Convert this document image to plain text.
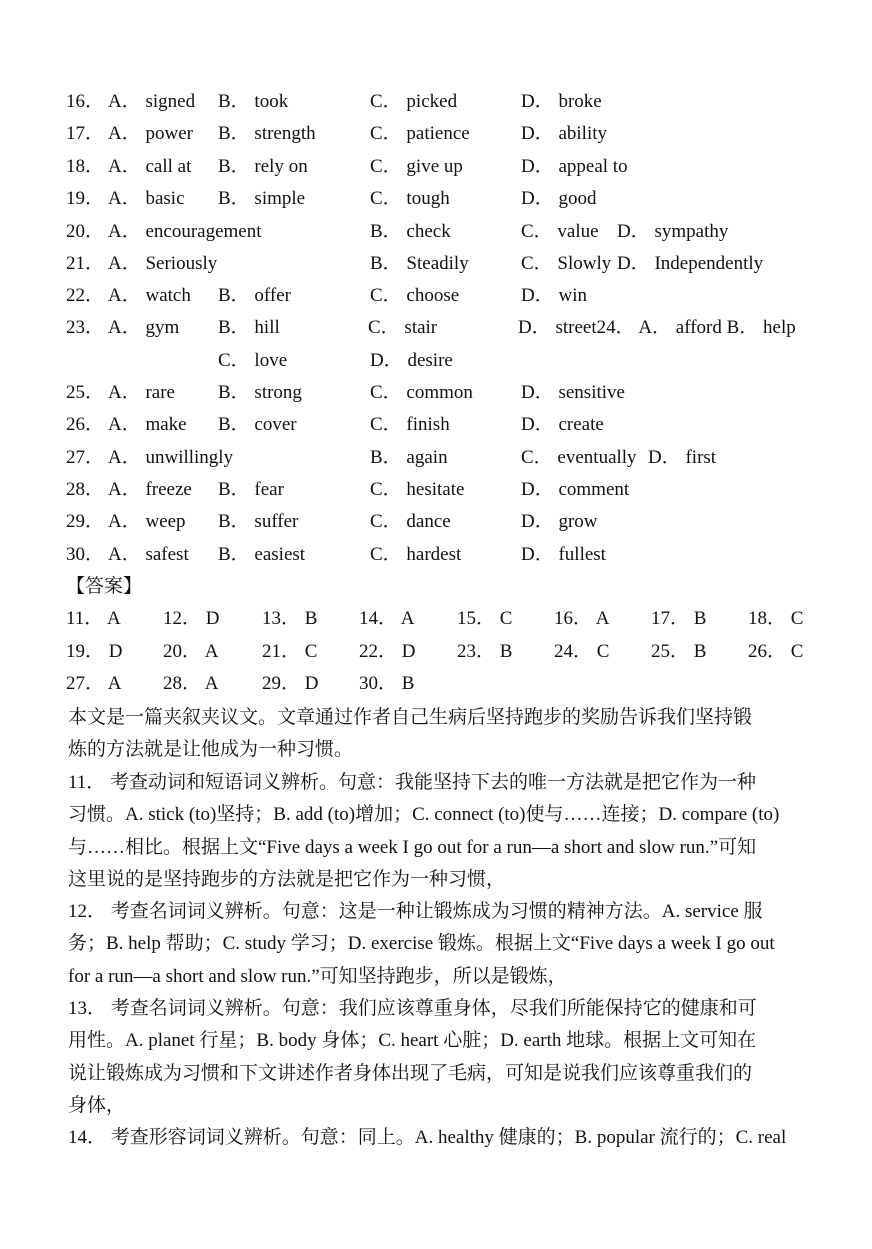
16． A． signed B． took	C． picked	D． broke
17． A． power B． strength	C． patience	D． ability
18． A． call at B． rely on	C． give up	D． appeal to
19． A． basic B． simple	C． tough	D． good
20． A． encouragement	B． check	C． value D． sympathy
21． A． Seriously	B． Steadily	C． Slowly D． Independently
22． A． watch B． offer	C． choose	D． win
23． A． gym B． hill	C． stair	D． street24． A． afford B． help
C． love	D． desire
25． A． rare B． strong	C． common	D． sensitive
26． A． make B． cover	C． finish	D． create
27． A． unwillingly	B． again	C． eventually D． first
28． A． freeze B． fear	C． hesitate	D． comment
29． A． weep B． suffer	C． dance	D． grow
30． A． safest B． easiest	C． hardest	D． fullest
【答案】
11． A 12． D 13． B 14． A 15． C 16． A 17． B 18． C
19． D 20． A 21． C 22． D 23． B 24． C 25． B 26． C
27． A 28． A 29． D 30． B
本文是一篇夹叙夹议文。文章通过作者自己生病后坚持跑步的奖励告诉我们坚持锻
炼的方法就是让他成为一种习惯。
11． 考查动词和短语词义辨析。句意：我能坚持下去的唯一方法就是把它作为一种
习惯。A. stick (to)坚持；B. add (to)增加；C. connect (to)使与……连接；D. compare (to)
与……相比。根据上文“Five days a week I go out for a run—a short and slow run.”可知
这里说的是坚持跑步的方法就是把它作为一种习惯，
12． 考查名词词义辨析。句意：这是一种让锻炼成为习惯的精神方法。A. service 服
务；B. help 帮助；C. study 学习；D. exercise 锻炼。根据上文“Five days a week I go out
for a run—a short and slow run.”可知坚持跑步，所以是锻炼，
13． 考查名词词义辨析。句意：我们应该尊重身体，尽我们所能保持它的健康和可
用性。A. planet 行星；B. body 身体；C. heart 心脏；D. earth 地球。根据上文可知在
说让锻炼成为习惯和下文讲述作者身体出现了毛病，可知是说我们应该尊重我们的
身体，
14． 考查形容词词义辨析。句意：同上。A. healthy 健康的；B. popular 流行的；C. real
